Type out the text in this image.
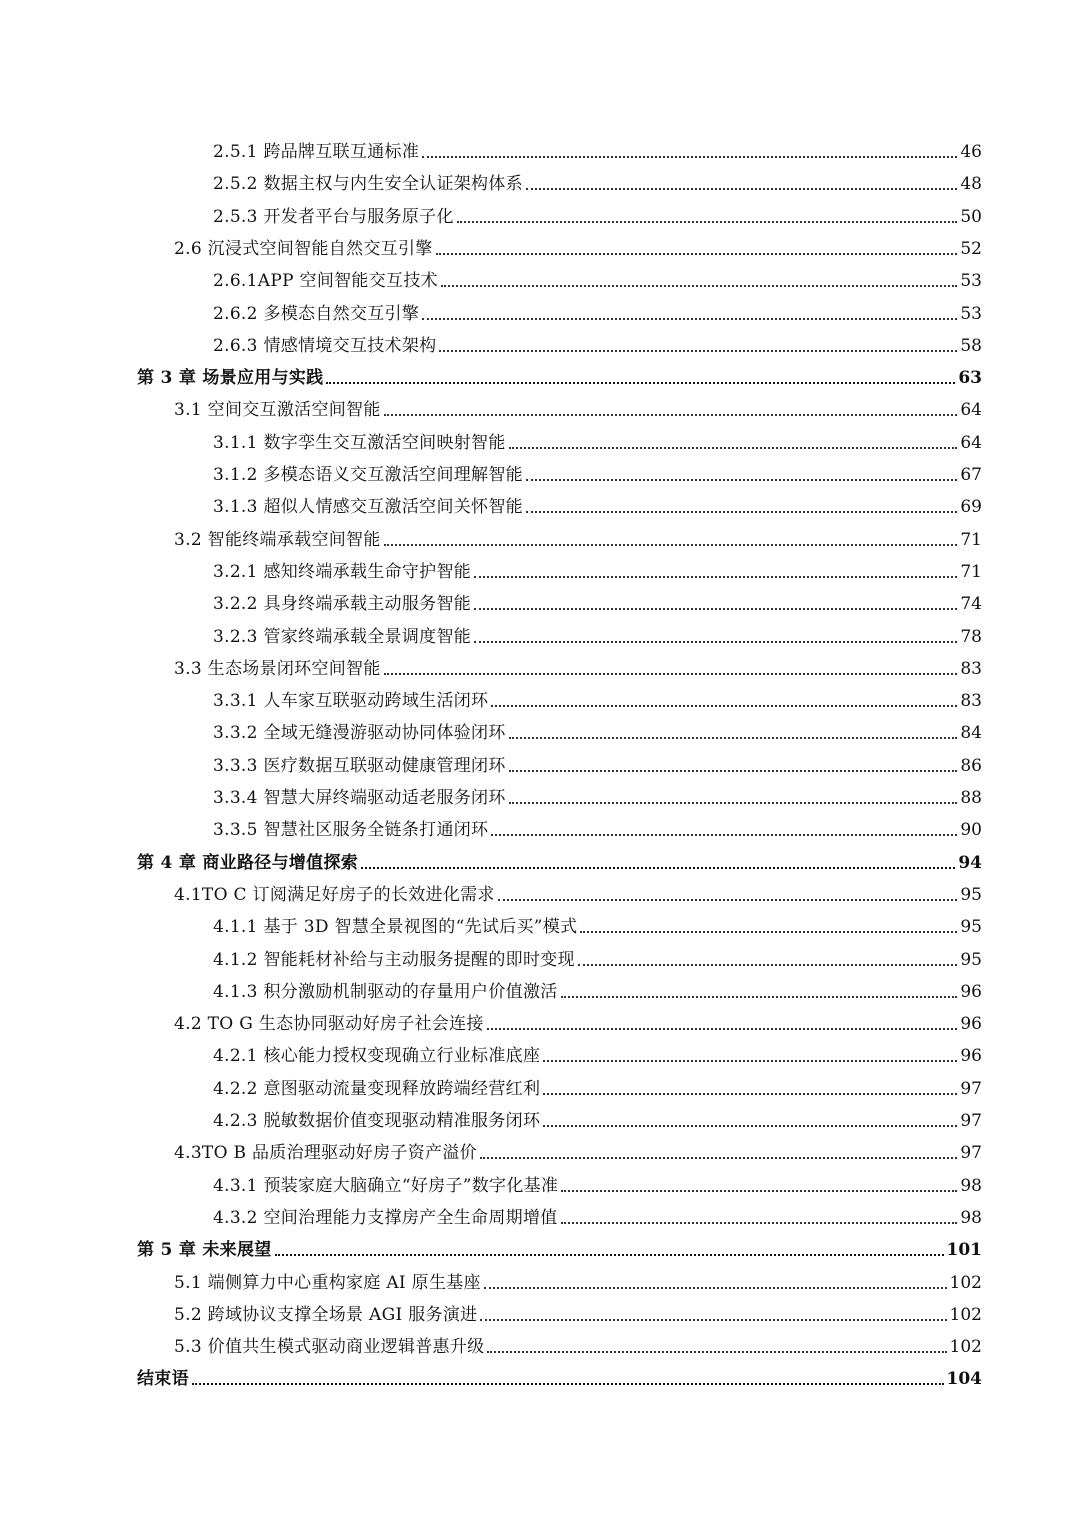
2.5.1 跨品牌互联互通标准	46
2.5.2 数据主权与内生安全认证架构体系	48
2.5.3 开发者平台与服务原子化	50
2.6 沉浸式空间智能自然交互引擎	52
2.6.1APP 空间智能交互技术	53
2.6.2 多模态自然交互引擎	53
2.6.3 情感情境交互技术架构	58
第 3 章 场景应用与实践	63
3.1 空间交互激活空间智能	64
3.1.1 数字孪生交互激活空间映射智能	64
3.1.2 多模态语义交互激活空间理解智能	67
3.1.3 超似人情感交互激活空间关怀智能	69
3.2 智能终端承载空间智能	71
3.2.1 感知终端承载生命守护智能	71
3.2.2 具身终端承载主动服务智能	74
3.2.3 管家终端承载全景调度智能	78
3.3 生态场景闭环空间智能	83
3.3.1 人车家互联驱动跨域生活闭环	83
3.3.2 全域无缝漫游驱动协同体验闭环	84
3.3.3 医疗数据互联驱动健康管理闭环	86
3.3.4 智慧大屏终端驱动适老服务闭环	88
3.3.5 智慧社区服务全链条打通闭环	90
第 4 章 商业路径与增值探索	94
4.1TO C 订阅满足好房子的长效进化需求	95
4.1.1 基于 3D 智慧全景视图的“先试后买”模式	95
4.1.2 智能耗材补给与主动服务提醒的即时变现	95
4.1.3 积分激励机制驱动的存量用户价值激活	96
4.2 TO G 生态协同驱动好房子社会连接	96
4.2.1 核心能力授权变现确立行业标准底座	96
4.2.2 意图驱动流量变现释放跨端经营红利	97
4.2.3 脱敏数据价值变现驱动精准服务闭环	97
4.3TO B 品质治理驱动好房子资产溢价	97
4.3.1 预装家庭大脑确立“好房子”数字化基准	98
4.3.2 空间治理能力支撑房产全生命周期增值	98
第 5 章 未来展望	101
5.1 端侧算力中心重构家庭 AI 原生基座	102
5.2 跨域协议支撑全场景 AGI 服务演进	102
5.3 价值共生模式驱动商业逻辑普惠升级	102
结束语	104
